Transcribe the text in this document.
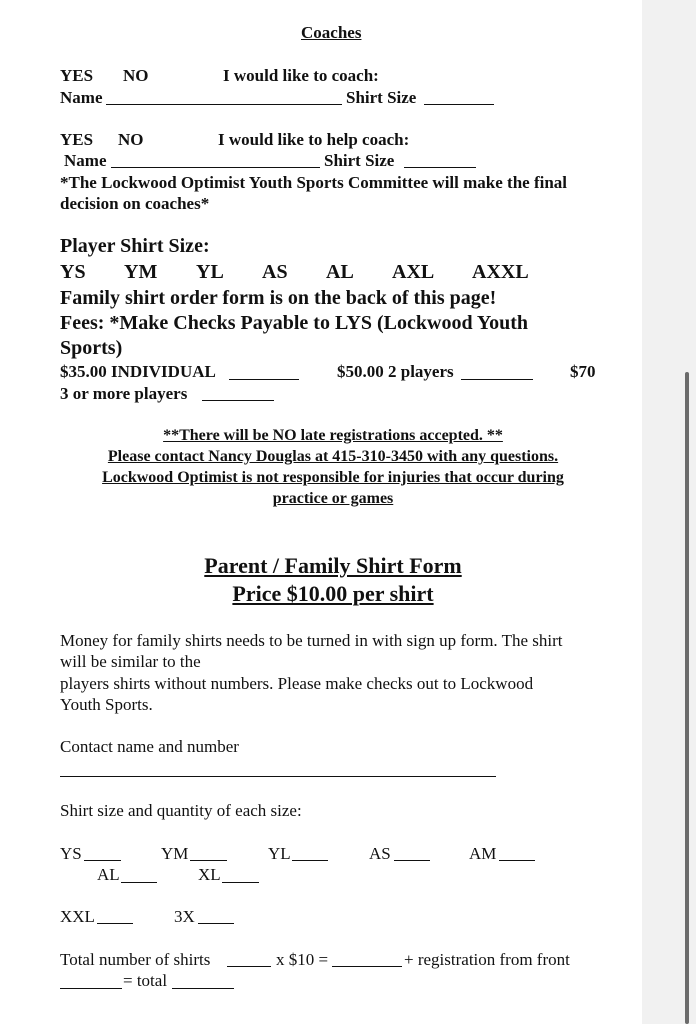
Coaches
YES NO	I would like to coach:
Name	Shirt Size
YES NO	I would like to help coach:
Name	Shirt Size
*The Lockwood Optimist Youth Sports Committee will make the final
decision on coaches*
Player Shirt Size:
YS YM YL AS AL AXL AXXL
Family shirt order form is on the back of this page!
Fees: *Make Checks Payable to LYS (Lockwood Youth
Sports)
$35.00 INDIVIDUAL	$50.00 2 players	$70
3 or more players
**There will be NO late registrations accepted. **
Please contact Nancy Douglas at 415-310-3450 with any questions.
Lockwood Optimist is not responsible for injuries that occur during
practice or games
Parent / Family Shirt Form
Price $10.00 per shirt
Money for family shirts needs to be turned in with sign up form. The shirt
will be similar to the
players shirts without numbers. Please make checks out to Lockwood
Youth Sports.
Contact name and number
Shirt size and quantity of each size:
YS	YM	YL	AS	AM
AL	XL
XXL	3X
Total number of shirts	x $10 =	+ registration from front
= total
